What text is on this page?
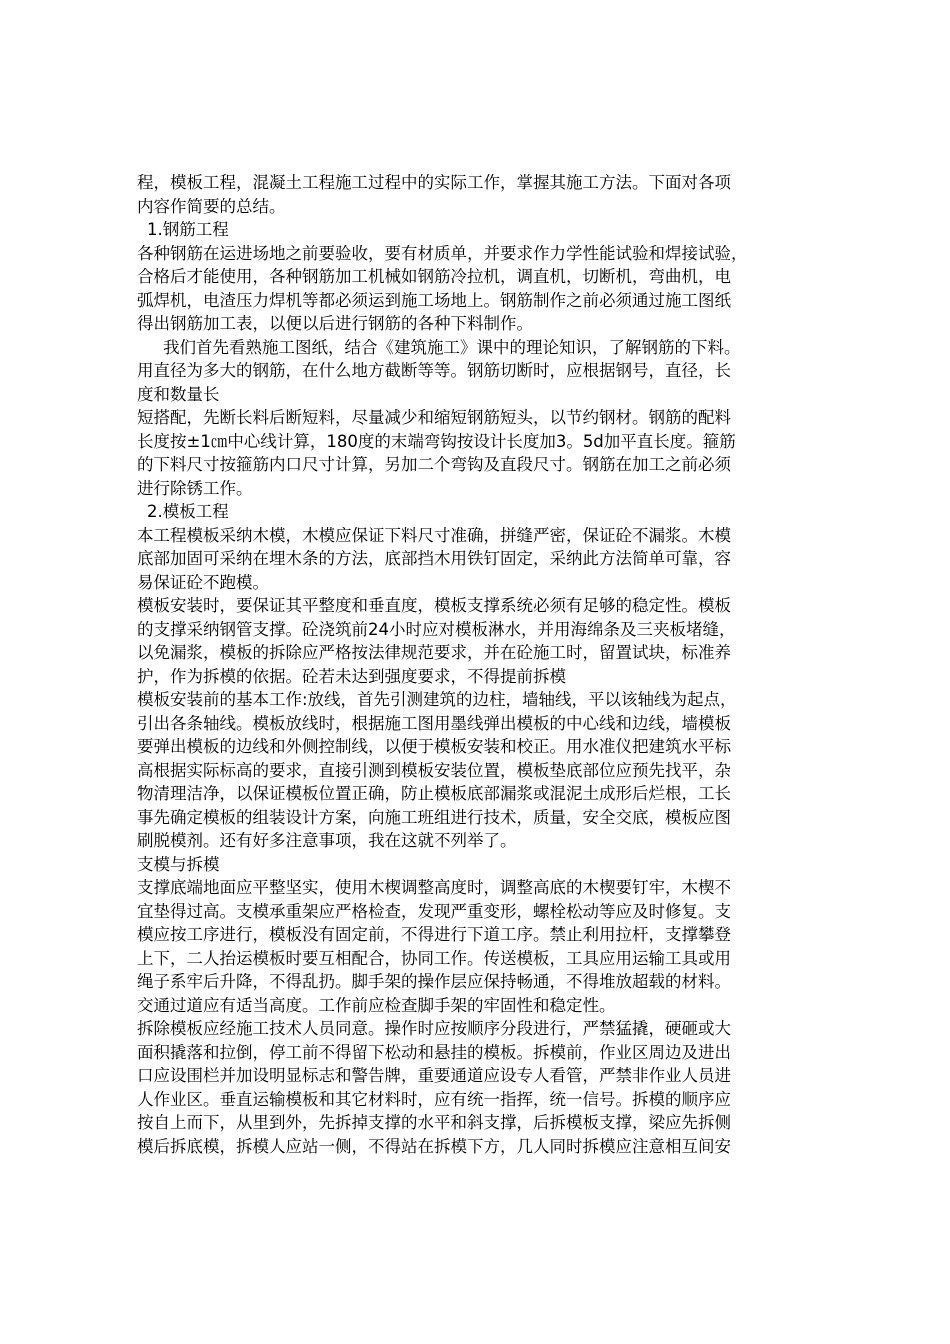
程，模板工程，混凝土工程施工过程中的实际工作，掌握其施工方法。下面对各项
内容作简要的总结。
1.钢筋工程
各种钢筋在运进场地之前要验收，要有材质单，并要求作力学性能试验和焊接试验，
合格后才能使用，各种钢筋加工机械如钢筋冷拉机，调直机，切断机，弯曲机，电
弧焊机，电渣压力焊机等都必须运到施工场地上。钢筋制作之前必须通过施工图纸
得出钢筋加工表，以便以后进行钢筋的各种下料制作。
我们首先看熟施工图纸，结合《建筑施工》课中的理论知识，了解钢筋的下料。
用直径为多大的钢筋，在什么地方截断等等。钢筋切断时，应根据钢号，直径，长
度和数量长
短搭配，先断长料后断短料，尽量减少和缩短钢筋短头，以节约钢材。钢筋的配料
长度按±1㎝中心线计算，180度的末端弯钩按设计长度加3。5d加平直长度。箍筋
的下料尺寸按箍筋内口尺寸计算，另加二个弯钩及直段尺寸。钢筋在加工之前必须
进行除锈工作。
2.模板工程
本工程模板采纳木模，木模应保证下料尺寸准确，拼缝严密，保证砼不漏浆。木模
底部加固可采纳在埋木条的方法，底部挡木用铁钉固定，采纳此方法简单可靠，容
易保证砼不跑模。
模板安装时，要保证其平整度和垂直度，模板支撑系统必须有足够的稳定性。模板
的支撑采纳钢管支撑。砼浇筑前24小时应对模板淋水，并用海绵条及三夹板堵缝，
以免漏浆，模板的拆除应严格按法律规范要求，并在砼施工时，留置试块，标准养
护，作为拆模的依据。砼若未达到强度要求，不得提前拆模
模板安装前的基本工作:放线，首先引测建筑的边柱，墙轴线，平以该轴线为起点，
引出各条轴线。模板放线时，根据施工图用墨线弹出模板的中心线和边线，墙模板
要弹出模板的边线和外侧控制线，以便于模板安装和校正。用水准仪把建筑水平标
高根据实际标高的要求，直接引测到模板安装位置，模板垫底部位应预先找平，杂
物清理洁净，以保证模板位置正确，防止模板底部漏浆或混泥土成形后烂根，工长
事先确定模板的组装设计方案，向施工班组进行技术，质量，安全交底，模板应图
刷脱模剂。还有好多注意事项，我在这就不列举了。
支模与拆模
支撑底端地面应平整坚实，使用木楔调整高度时，调整高底的木楔要钉牢，木楔不
宜垫得过高。支模承重架应严格检查，发现严重变形，螺栓松动等应及时修复。支
模应按工序进行，模板没有固定前，不得进行下道工序。禁止利用拉杆，支撑攀登
上下，二人抬运模板时要互相配合，协同工作。传送模板，工具应用运输工具或用
绳子系牢后升降，不得乱扔。脚手架的操作层应保持畅通，不得堆放超载的材料。
交通过道应有适当高度。工作前应检查脚手架的牢固性和稳定性。
拆除模板应经施工技术人员同意。操作时应按顺序分段进行，严禁猛撬，硬砸或大
面积撬落和拉倒，停工前不得留下松动和悬挂的模板。拆模前，作业区周边及进出
口应设围栏并加设明显标志和警告牌，重要通道应设专人看管，严禁非作业人员进
人作业区。垂直运输模板和其它材料时，应有统一指挥，统一信号。拆模的顺序应
按自上而下，从里到外，先拆掉支撑的水平和斜支撑，后拆模板支撑，梁应先拆侧
模后拆底模，拆模人应站一侧，不得站在拆模下方，几人同时拆模应注意相互间安
